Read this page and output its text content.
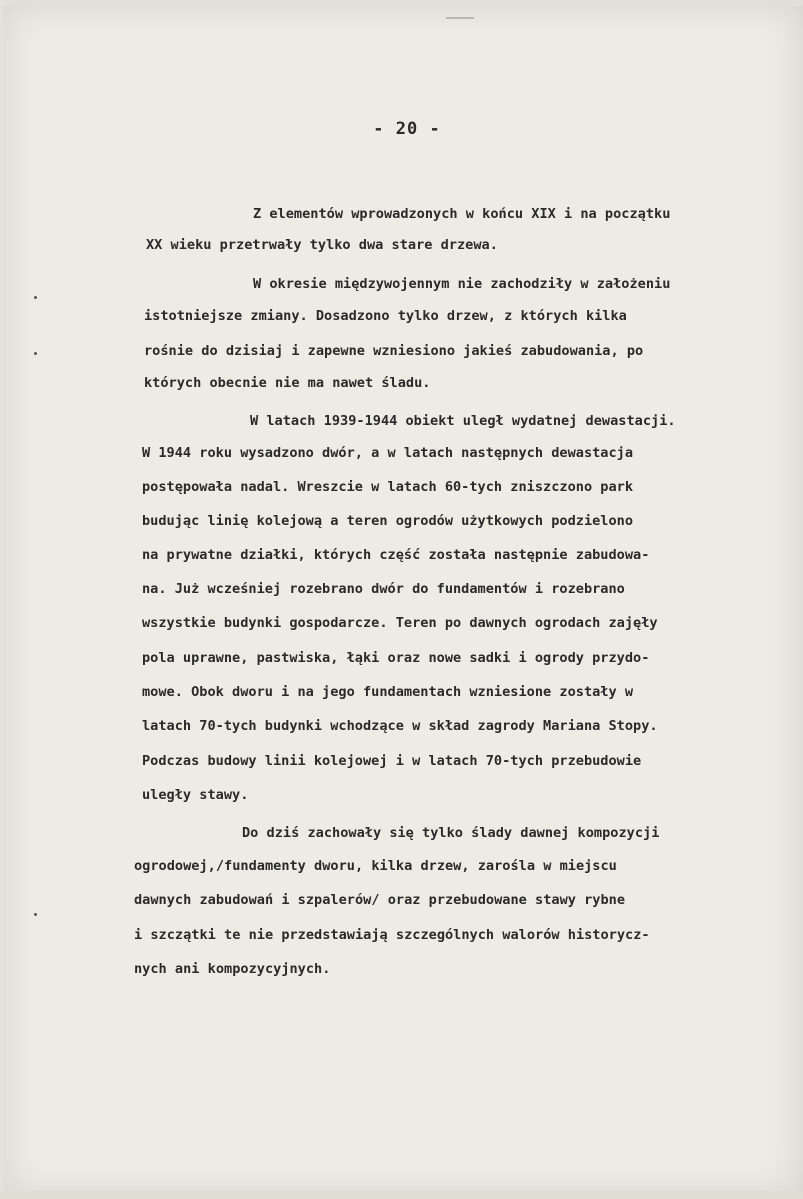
- 20 -
Z elementów wprowadzonych w końcu XIX i na początku
XX wieku przetrwały tylko dwa stare drzewa.
W okresie międzywojennym nie zachodziły w założeniu
istotniejsze zmiany. Dosadzono tylko drzew, z których kilka
rośnie do dzisiaj i zapewne wzniesiono jakieś zabudowania, po
których obecnie nie ma nawet śladu.
W latach 1939-1944 obiekt uległ wydatnej dewastacji.
W 1944 roku wysadzono dwór, a w latach następnych dewastacja
postępowała nadal. Wreszcie w latach 60-tych zniszczono park
budując linię kolejową a teren ogrodów użytkowych podzielono
na prywatne działki, których część została następnie zabudowa-
na. Już wcześniej rozebrano dwór do fundamentów i rozebrano
wszystkie budynki gospodarcze. Teren po dawnych ogrodach zajęły
pola uprawne, pastwiska, łąki oraz nowe sadki i ogrody przydo-
mowe. Obok dworu i na jego fundamentach wzniesione zostały w
latach 70-tych budynki wchodzące w skład zagrody Mariana Stopy.
Podczas budowy linii kolejowej i w latach 70-tych przebudowie
uległy stawy.
Do dziś zachowały się tylko ślady dawnej kompozycji
ogrodowej,/fundamenty dworu, kilka drzew, zarośla w miejscu
dawnych zabudowań i szpalerów/ oraz przebudowane stawy rybne
i szczątki te nie przedstawiają szczególnych walorów historycz-
nych ani kompozycyjnych.
